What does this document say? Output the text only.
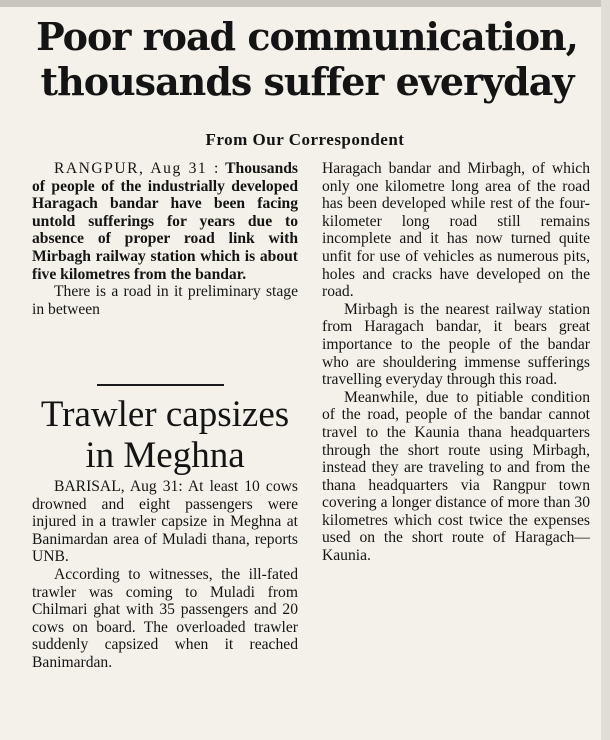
Poor road communication, thousands suffer everyday
From Our Correspondent

RANGPUR, Aug 31 : Thousands of people of the industrially developed Haragach bandar have been facing untold sufferings for years due to absence of proper road link with Mirbagh railway station which is about five kilometres from the bandar.

There is a road in it preliminary stage in between

Trawler capsizes in Meghna

BARISAL, Aug 31: At least 10 cows drowned and eight passengers were injured in a trawler capsize in Meghna at Banimardan area of Muladi thana, reports UNB.

According to witnesses, the ill-fated trawler was coming to Muladi from Chilmari ghat with 35 passengers and 20 cows on board. The overloaded trawler suddenly capsized when it reached Banimardan.

Haragach bandar and Mirbagh, of which only one kilometre long area of the road has been developed while rest of the four-kilometer long road still remains incomplete and it has now turned quite unfit for use of vehicles as numerous pits, holes and cracks have developed on the road.

Mirbagh is the nearest railway station from Haragach bandar, it bears great importance to the people of the bandar who are shouldering immense sufferings travelling everyday through this road.

Meanwhile, due to pitiable condition of the road, people of the bandar cannot travel to the Kaunia thana headquarters through the short route using Mirbagh, instead they are traveling to and from the thana headquarters via Rangpur town covering a longer distance of more than 30 kilometres which cost twice the expenses used on the short route of Haragach—Kaunia.
